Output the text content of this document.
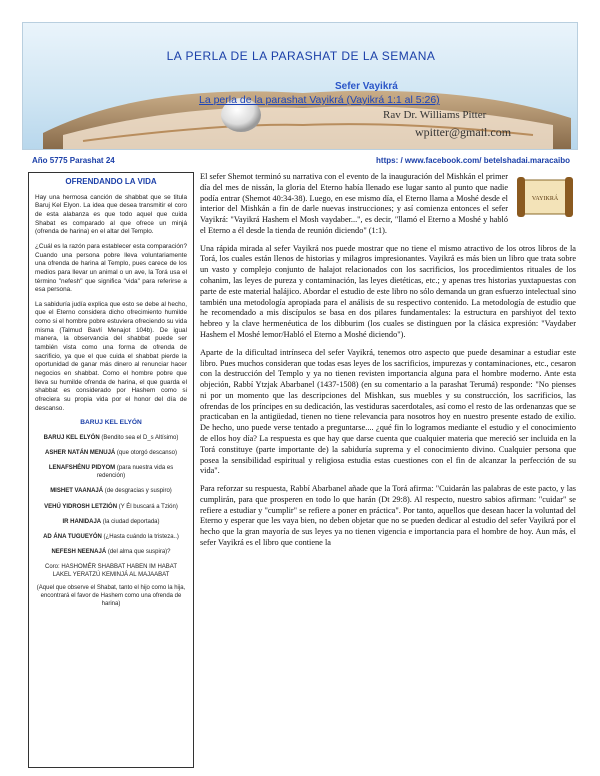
LA PERLA DE LA PARASHAT DE LA SEMANA
Sefer Vayikrá
La perla de la parashat Vayikrá (Vayikrá 1:1 al 5:26)
Rav Dr. Williams Pitter
wpitter@gmail.com
Año 5775 Parashat 24	https: / www.facebook.com/ betelshadai.maracaibo
OFRENDANDO LA VIDA

Hay una hermosa canción de shabbat que se titula Baruj Kel Elyon. La idea que desea transmitir el coro de esta alabanza es que todo aquel que cuida Shabat es comparado al que ofrece un minjá (ofrenda de harina) en el altar del Templo.

¿Cuál es la razón para establecer esta comparación? Cuando una persona pobre lleva voluntariamente una ofrenda de harina al Templo, pues carece de los medios para llevar un animal o un ave, la Torá usa el término "nefesh" que significa "vida" para referirse a esa persona.

La sabiduría judía explica que esto se debe al hecho, que el Eterno considera dicho ofrecimiento humilde como si el hombre pobre estuviera ofreciendo su vida misma (Talmud Bavlí Menajot 104b). De igual manera, la observancia del shabbat puede ser también vista como una forma de ofrenda de sacrificio, ya que el que cuida el shabbat pierde la oportunidad de ganar más dinero al renunciar hacer negocios en shabbat. Como el hombre pobre que lleva su humilde ofrenda de harina, el que guarda el shabbat es considerado por Hashem como si ofreciera su propia vida por el honor del día de descanso.

BARUJ KEL ELYÓN
BARUJ KEL ELYÓN (Bendito sea el D_s Altísimo)
ASHER NATÁN MENUJÁ (que otorgó descanso)
LENAFSHÉNU PIDYOM (para nuestra vida es redención)
MISHET VAANAJÁ (de desgracias y suspiro)
VEHÚ YIDROSH LETZIÓN (Y Él buscará a Tzión)
IR HANIDAJA (la ciudad deportada)
AD ÁNA TUGUEYÓN (¿Hasta cuándo la tristeza..)
NEFESH NEENAJÁ (del alma que suspira)?
Coro: HASHOMÉR SHABBAT HABEN IM HABAT LAKEL YERATZÚ KEMINJÁ AL MAJAABAT
(Aquel que observe el Shabat, tanto el hijo como la hija, encontrará el favor de Hashem como una ofrenda de harina)
VAYIKRÁ

El sefer Shemot terminó su narrativa con el evento de la inauguración del Mishkán el primer día del mes de nissán, la gloria del Eterno había llenado ese lugar santo al punto que nadie podía entrar (Shemot 40:34-38). Luego, en ese mismo día, el Eterno llama a Moshé desde el interior del Mishkán a fin de darle nuevas instrucciones; y así comienza entonces el sefer Vayikrá: "Vayikrá Hashem el Mosh vaydaber...", es decir, "llamó el Eterno a Moshé y habló el Eterno a él desde la tienda de reunión diciendo" (1:1).

Una rápida mirada al sefer Vayikrá nos puede mostrar que no tiene el mismo atractivo de los otros libros de la Torá, los cuales están llenos de historias y milagros impresionantes. Vayikrá es más bien un libro que trata sobre un vasto y complejo conjunto de halajot relacionados con los sacrificios, los procedimientos rituales de los cohanim, las leyes de pureza y contaminación, las leyes dietéticas, etc.; y apenas tres historias yuxtapuestas con parte de este material halájico. Abordar el estudio de este libro no sólo demanda un gran esfuerzo intelectual sino también una metodología apropiada para el análisis de su respectivo contenido. La metodología de estudio que he recomendado a mis discípulos se basa en dos pilares fundamentales: la estructura en parshiyot del texto hebreo y la clave hermenéutica de los dibburim (los cuales se distinguen por la clásica expresión: "Vaydaber Hashem el Moshé lemor/Habló el Eterno a Moshé diciendo").

Aparte de la dificultad intrínseca del sefer Vayikrá, tenemos otro aspecto que puede desaminar a estudiar este libro. Pues muchos consideran que todas esas leyes de los sacrificios, impurezas y contaminaciones, etc., cesaron con la destrucción del Templo y ya no tienen revisten importancia alguna para el hombre moderno. Ante esta objeción, Rabbí Ytzjak Abarbanel (1437-1508) (en su comentario a la parashat Terumá) responde: "No pienses ni por un momento que las descripciones del Mishkan, sus muebles y su construcción, los sacrificios, las ofrendas de los príncipes en su dedicación, las vestiduras sacerdotales, así como el resto de las ordenanzas que se practicaban en la antigüedad, tienen no tiene relevancia para nosotros hoy en nuestro presente estado de exilio. De hecho, uno puede verse tentado a preguntarse.... ¿qué fin lo logramos mediante el estudio y el conocimiento de ellos hoy día? La respuesta es que hay que darse cuenta que cualquier materia que mereció ser incluida en la Torá constituye (parte importante de) la sabiduría suprema y el conocimiento divino. Cualquier persona que posea la sensibilidad espiritual y religiosa estudia estas cuestiones con el fin de alcanzar la perfección de su vida".

Para reforzar su respuesta, Rabbí Abarbanel añade que la Torá afirma: "Cuidarán las palabras de este pacto, y las cumplirán, para que prosperen en todo lo que harán (Dt 29:8). Al respecto, nuestro sabios afirman: "cuidar" se refiere a estudiar y "cumplir" se refiere a poner en práctica". Por tanto, aquellos que desean hacer la voluntad del Eterno y esperar que les vaya bien, no deben objetar que no se pueden dedicar al estudio del sefer Vayikrá por el hecho que la gran mayoría de sus leyes ya no tienen vigencia e importancia para el hombre de hoy. Aun más, el sefer Vayikrá es el libro que contiene la
